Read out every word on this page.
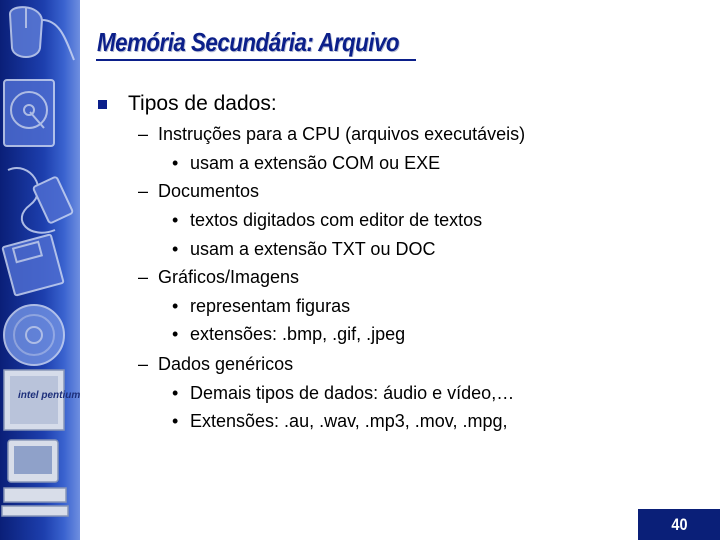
intel pentium
Memória Secundária: Arquivo
Tipos de dados:
– Instruções para a CPU (arquivos executáveis)
• usam a extensão COM ou EXE
– Documentos
• textos digitados com editor de textos
• usam a extensão TXT ou DOC
– Gráficos/Imagens
• representam figuras
• extensões: .bmp, .gif, .jpeg
– Dados genéricos
• Demais tipos de dados: áudio e vídeo,…
• Extensões: .au, .wav, .mp3, .mov, .mpg,
40
